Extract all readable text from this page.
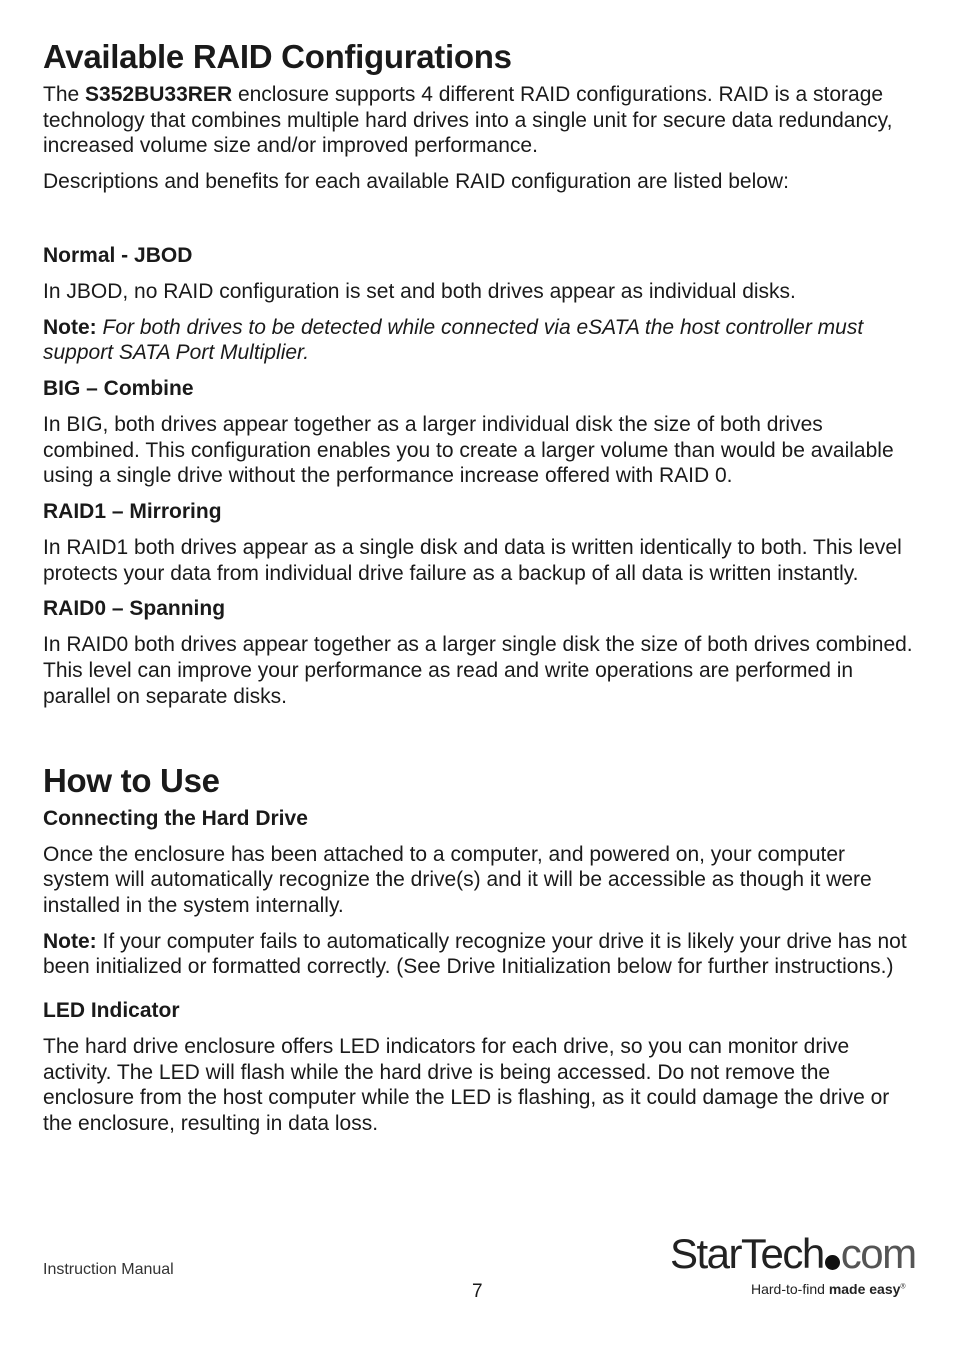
Available RAID Configurations

The S352BU33RER enclosure supports 4 different RAID configurations. RAID is a storage technology that combines multiple hard drives into a single unit for secure data redundancy, increased volume size and/or improved performance.

Descriptions and benefits for each available RAID configuration are listed below:

Normal - JBOD

In JBOD, no RAID configuration is set and both drives appear as individual disks.

Note: For both drives to be detected while connected via eSATA the host controller must support SATA Port Multiplier.

BIG – Combine

In BIG, both drives appear together as a larger individual disk the size of both drives combined. This configuration enables you to create a larger volume than would be available using a single drive without the performance increase offered with RAID 0.

RAID1 – Mirroring

In RAID1 both drives appear as a single disk and data is written identically to both. This level protects your data from individual drive failure as a backup of all data is written instantly.

RAID0 – Spanning

In RAID0 both drives appear together as a larger single disk the size of both drives combined. This level can improve your performance as read and write operations are performed in parallel on separate disks.

How to Use
Connecting the Hard Drive

Once the enclosure has been attached to a computer, and powered on, your computer system will automatically recognize the drive(s) and it will be accessible as though it were installed in the system internally.

Note: If your computer fails to automatically recognize your drive it is likely your drive has not been initialized or formatted correctly. (See Drive Initialization below for further instructions.)

LED Indicator

The hard drive enclosure offers LED indicators for each drive, so you can monitor drive activity. The LED will flash while the hard drive is being accessed. Do not remove the enclosure from the host computer while the LED is flashing, as it could damage the drive or the enclosure, resulting in data loss.

Instruction Manual
7
StarTech com
Hard-to-find made easy®
